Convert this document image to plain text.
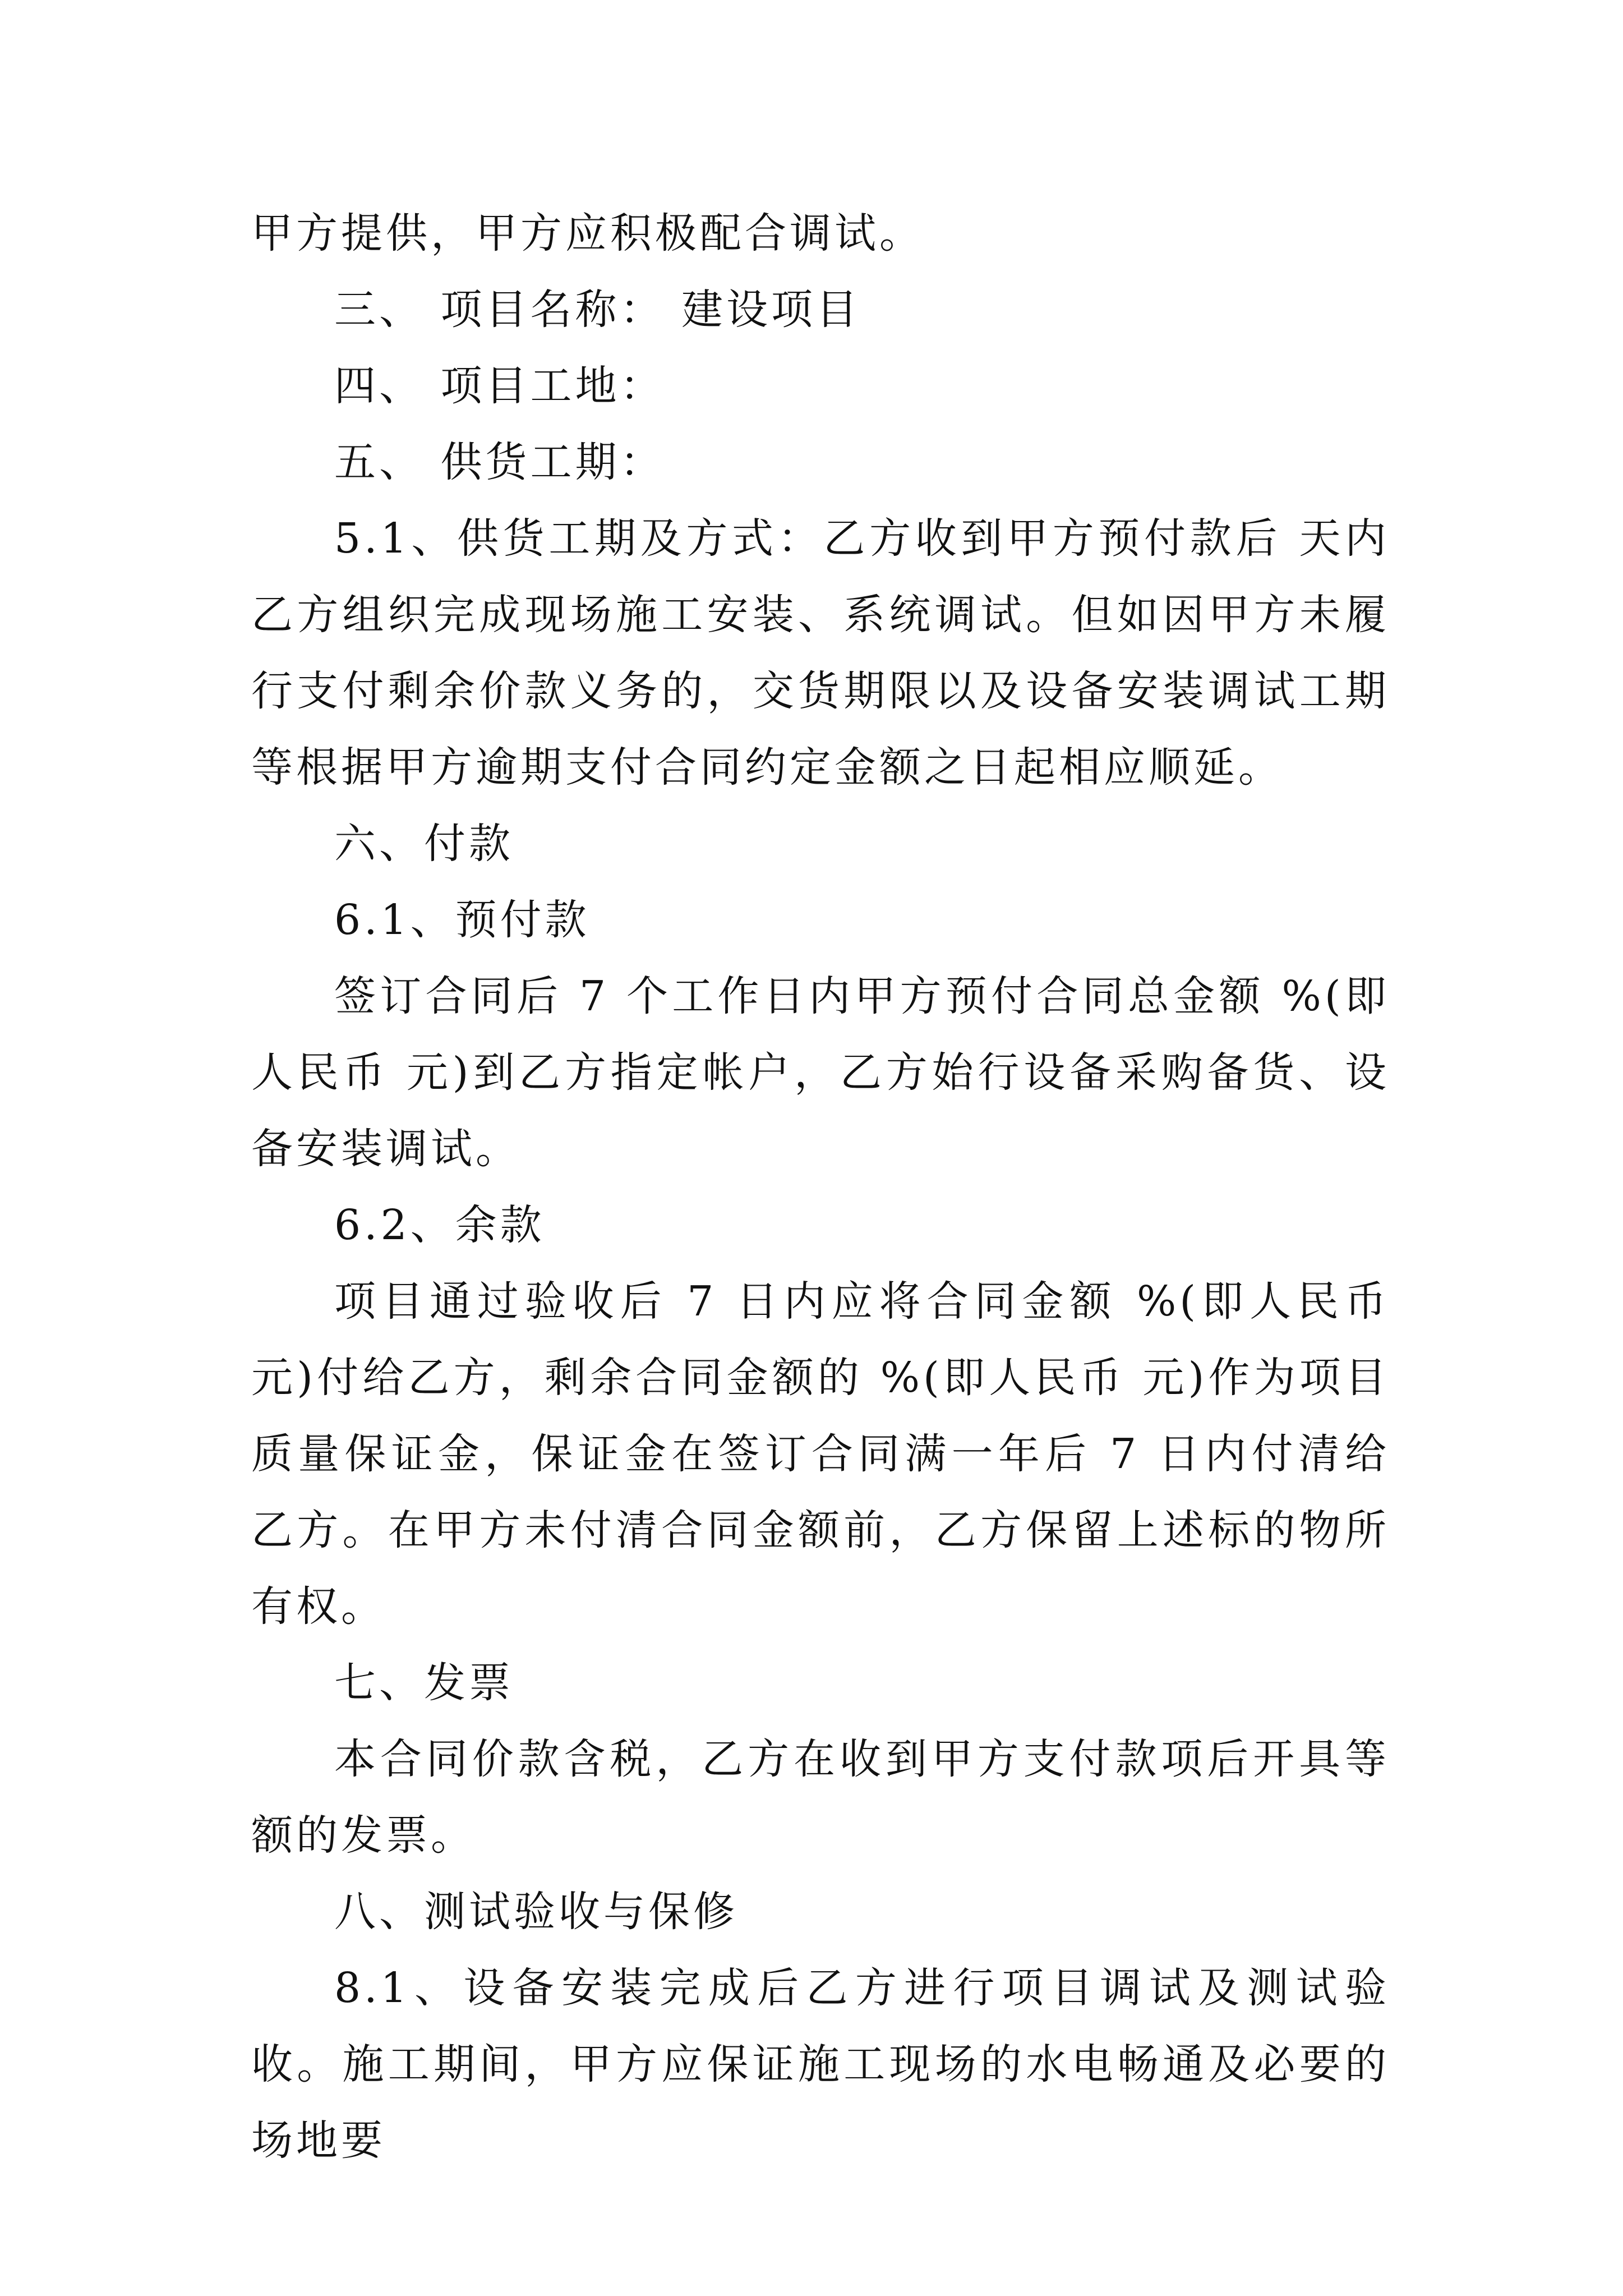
甲方提供，甲方应积极配合调试。

三、 项目名称： 建设项目

四、 项目工地：

五、 供货工期：

5.1、供货工期及方式：乙方收到甲方预付款后 天内乙方组织完成现场施工安装、系统调试。但如因甲方未履行支付剩余价款义务的，交货期限以及设备安装调试工期等根据甲方逾期支付合同约定金额之日起相应顺延。

六、付款

6.1、预付款

签订合同后 7 个工作日内甲方预付合同总金额 %(即人民币 元)到乙方指定帐户，乙方始行设备采购备货、设备安装调试。

6.2、余款

项目通过验收后 7 日内应将合同金额 %(即人民币 元)付给乙方，剩余合同金额的 %(即人民币 元)作为项目质量保证金，保证金在签订合同满一年后 7 日内付清给乙方。在甲方未付清合同金额前，乙方保留上述标的物所有权。

七、发票

本合同价款含税，乙方在收到甲方支付款项后开具等额的发票。

八、测试验收与保修

8.1、设备安装完成后乙方进行项目调试及测试验收。施工期间，甲方应保证施工现场的水电畅通及必要的场地要
